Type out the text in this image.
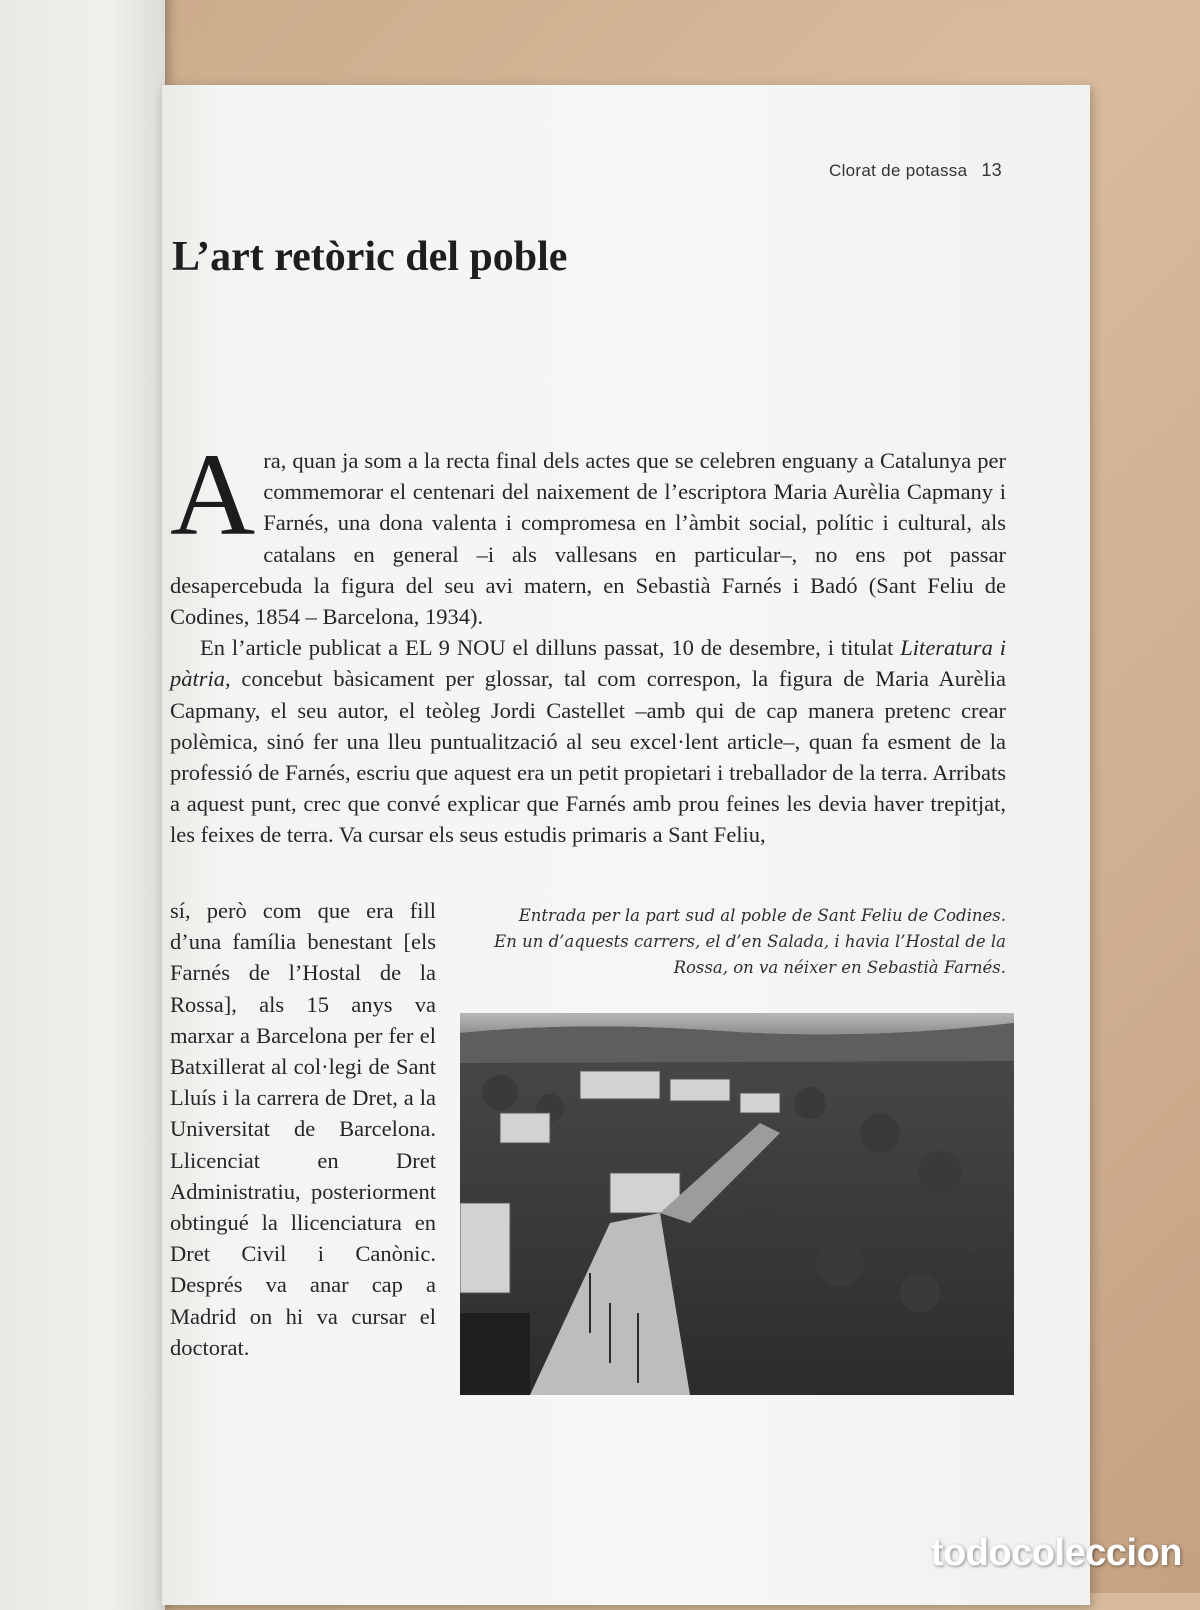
Clorat de potassa 13
L’art retòric del poble

Ara, quan ja som a la recta final dels actes que se celebren enguany a Catalunya per commemorar el centenari del naixement de l’escriptora Maria Aurèlia Capmany i Farnés, una dona valenta i compromesa en l’àmbit social, polític i cultural, als catalans en general –i als vallesans en particular–, no ens pot passar desapercebuda la figura del seu avi matern, en Sebastià Farnés i Badó (Sant Feliu de Codines, 1854 – Barcelona, 1934).

En l’article publicat a EL 9 NOU el dilluns passat, 10 de desembre, i titulat Literatura i pàtria, concebut bàsicament per glossar, tal com correspon, la figura de Maria Aurèlia Capmany, el seu autor, el teòleg Jordi Castellet –amb qui de cap manera pretenc crear polèmica, sinó fer una lleu puntualització al seu excel·lent article–, quan fa esment de la professió de Farnés, escriu que aquest era un petit propietari i treballador de la terra. Arribats a aquest punt, crec que convé explicar que Farnés amb prou feines les devia haver trepitjat, les feixes de terra. Va cursar els seus estudis primaris a Sant Feliu,

sí, però com que era fill d’una família benestant [els Farnés de l’Hostal de la Rossa], als 15 anys va marxar a Barcelona per fer el Batxillerat al col·legi de Sant Lluís i la carrera de Dret, a la Universitat de Barcelona. Llicenciat en Dret Administratiu, posteriorment obtingué la llicenciatura en Dret Civil i Canònic. Després va anar cap a Madrid on hi va cursar el doctorat.

Entrada per la part sud al poble de Sant Feliu de Codines.

En un d’aquests carrers, el d’en Salada, i havia l’Hostal de la

Rossa, on va néixer en Sebastià Farnés.

todocoleccion
